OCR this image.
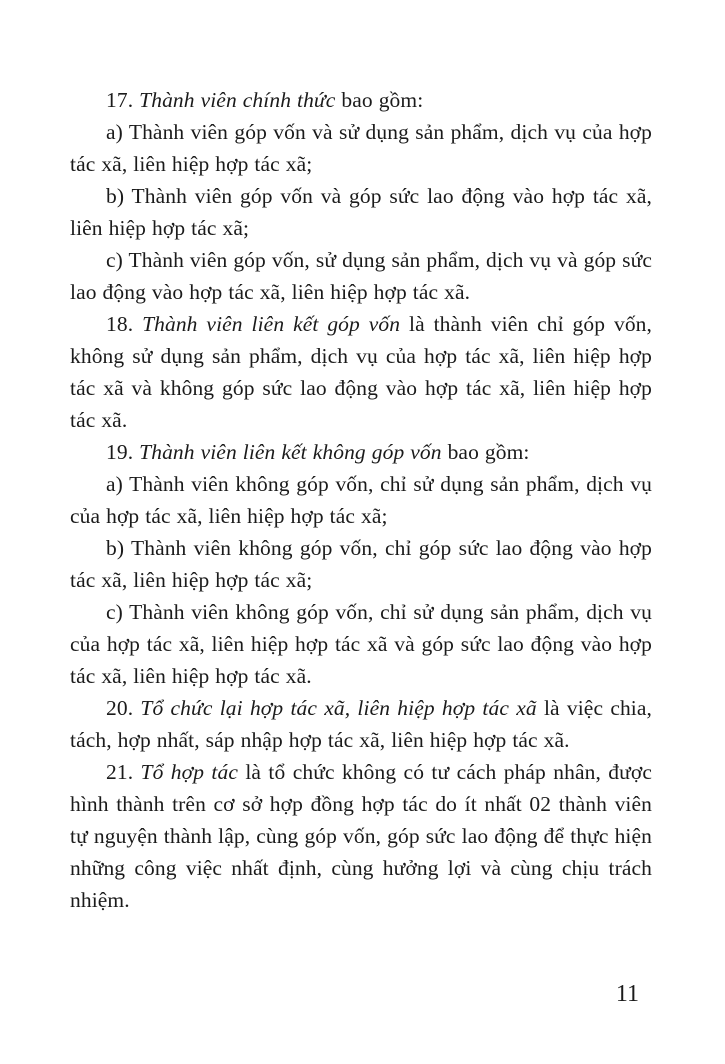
17. Thành viên chính thức bao gồm:

a) Thành viên góp vốn và sử dụng sản phẩm, dịch vụ của hợp tác xã, liên hiệp hợp tác xã;

b) Thành viên góp vốn và góp sức lao động vào hợp tác xã, liên hiệp hợp tác xã;

c) Thành viên góp vốn, sử dụng sản phẩm, dịch vụ và góp sức lao động vào hợp tác xã, liên hiệp hợp tác xã.

18. Thành viên liên kết góp vốn là thành viên chỉ góp vốn, không sử dụng sản phẩm, dịch vụ của hợp tác xã, liên hiệp hợp tác xã và không góp sức lao động vào hợp tác xã, liên hiệp hợp tác xã.

19. Thành viên liên kết không góp vốn bao gồm:

a) Thành viên không góp vốn, chỉ sử dụng sản phẩm, dịch vụ của hợp tác xã, liên hiệp hợp tác xã;

b) Thành viên không góp vốn, chỉ góp sức lao động vào hợp tác xã, liên hiệp hợp tác xã;

c) Thành viên không góp vốn, chỉ sử dụng sản phẩm, dịch vụ của hợp tác xã, liên hiệp hợp tác xã và góp sức lao động vào hợp tác xã, liên hiệp hợp tác xã.

20. Tổ chức lại hợp tác xã, liên hiệp hợp tác xã là việc chia, tách, hợp nhất, sáp nhập hợp tác xã, liên hiệp hợp tác xã.

21. Tổ hợp tác là tổ chức không có tư cách pháp nhân, được hình thành trên cơ sở hợp đồng hợp tác do ít nhất 02 thành viên tự nguyện thành lập, cùng góp vốn, góp sức lao động để thực hiện những công việc nhất định, cùng hưởng lợi và cùng chịu trách nhiệm.

11
